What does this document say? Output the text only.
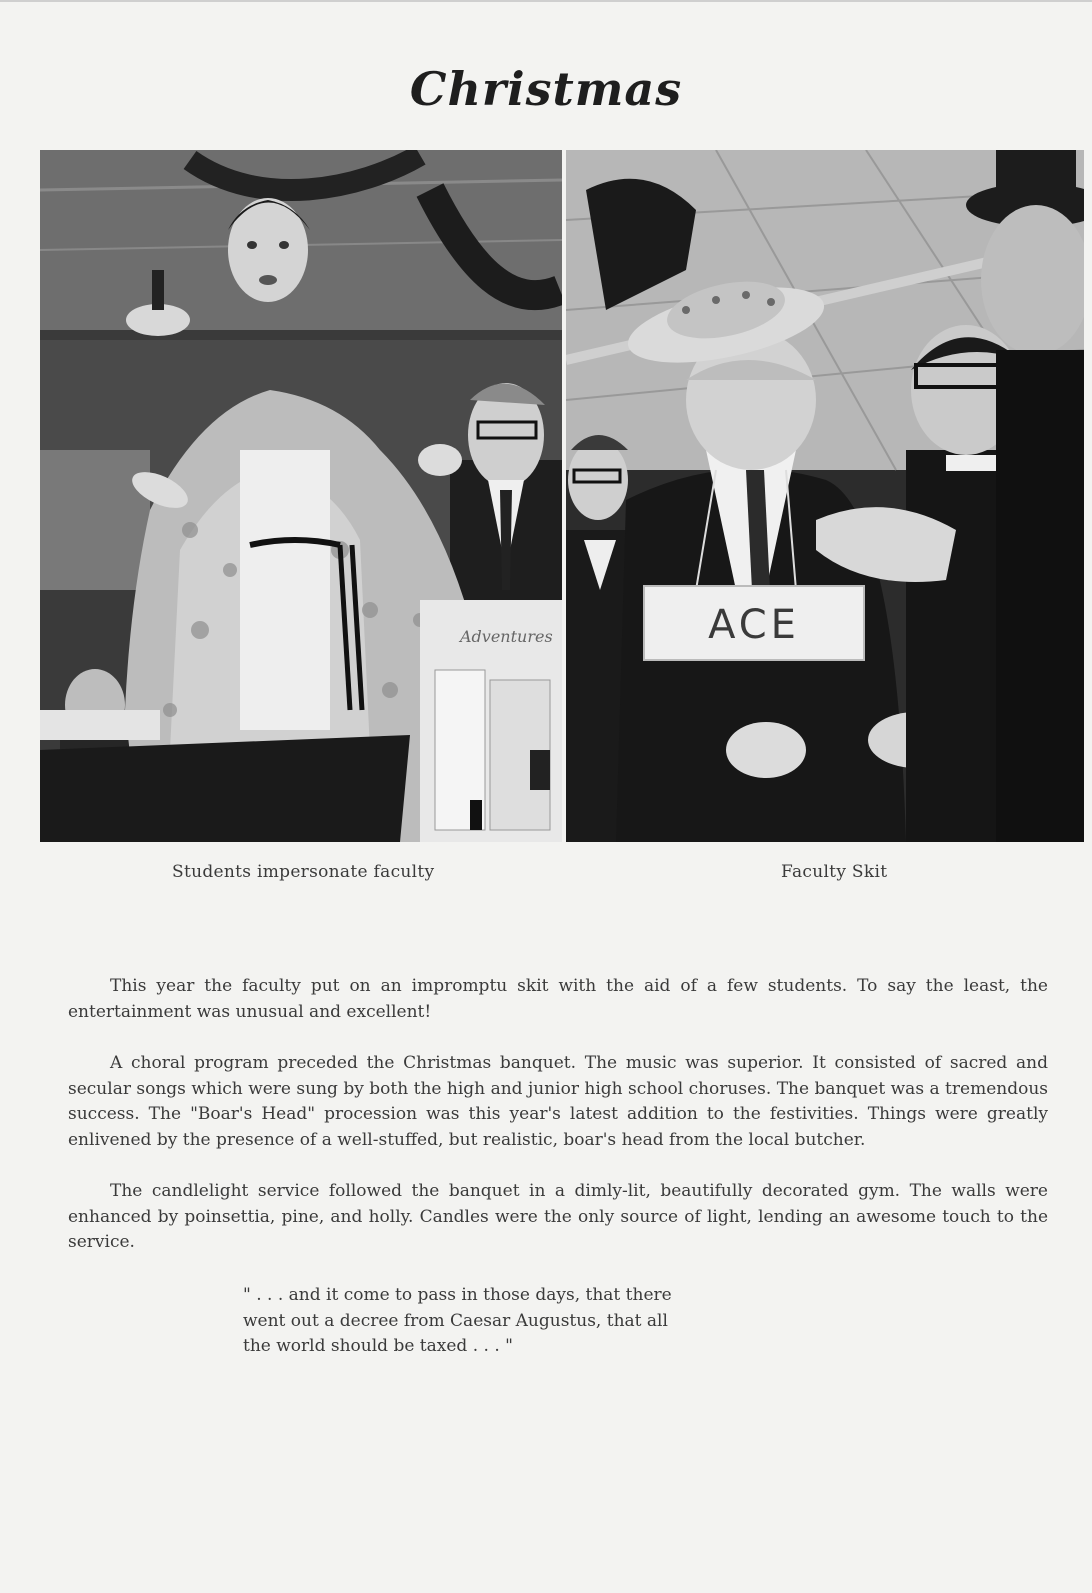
Christmas
Adventures	ACE
Students impersonate faculty	Faculty Skit

This year the faculty put on an impromptu skit with the aid of a few students. To say the least, the entertainment was unusual and excellent!

A choral program preceded the Christmas banquet. The music was superior. It consisted of sacred and secular songs which were sung by both the high and junior high school choruses. The banquet was a tremendous success. The "Boar's Head" procession was this year's latest addition to the festivities. Things were greatly enlivened by the presence of a well-stuffed, but realistic, boar's head from the local butcher.

The candlelight service followed the banquet in a dimly-lit, beautifully decorated gym. The walls were enhanced by poinsettia, pine, and holly. Candles were the only source of light, lending an awesome touch to the service.

" . . . and it come to pass in those days, that there
went out a decree from Caesar Augustus, that all
the world should be taxed . . . "
